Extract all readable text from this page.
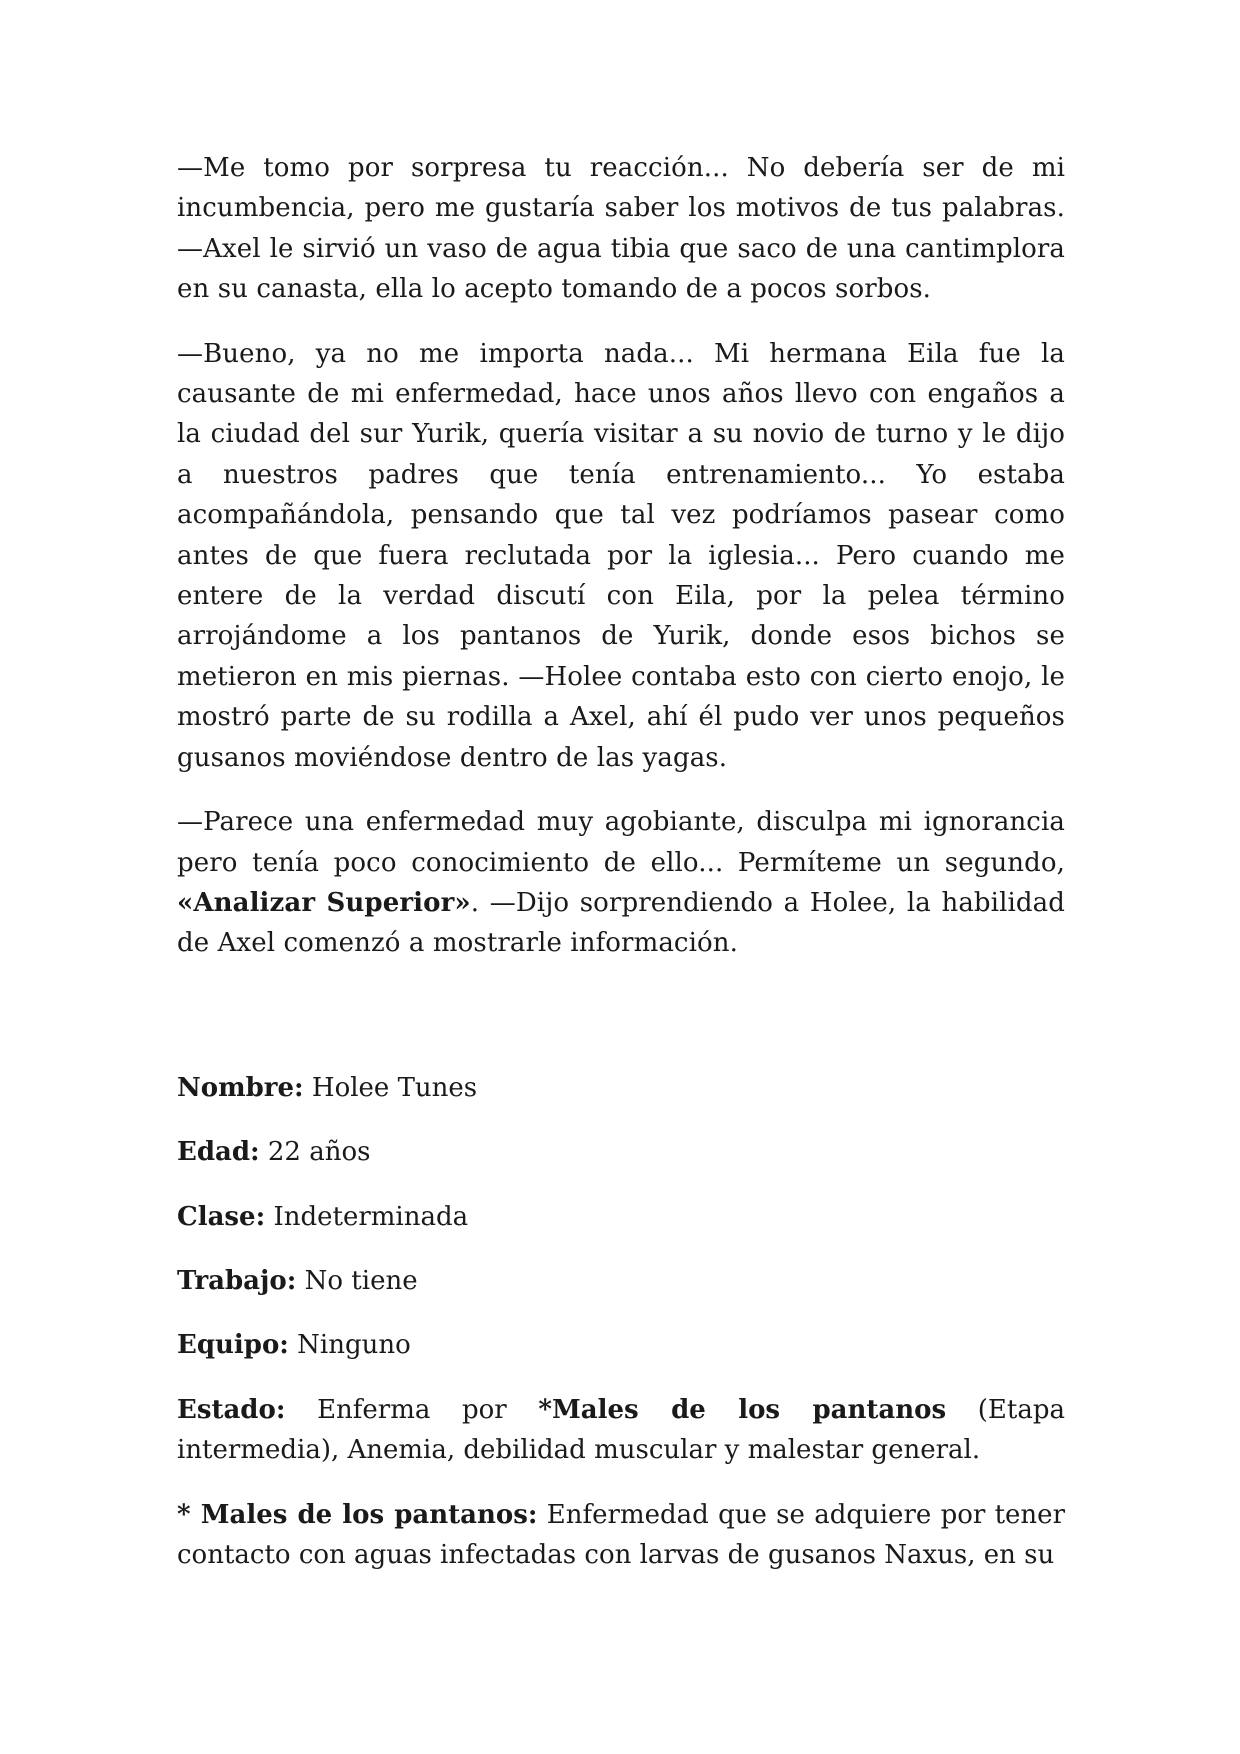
—Me tomo por sorpresa tu reacción... No debería ser de mi incumbencia, pero me gustaría saber los motivos de tus palabras. —Axel le sirvió un vaso de agua tibia que saco de una cantimplora en su canasta, ella lo acepto tomando de a pocos sorbos.

—Bueno, ya no me importa nada... Mi hermana Eila fue la causante de mi enfermedad, hace unos años llevo con engaños a la ciudad del sur Yurik, quería visitar a su novio de turno y le dijo a nuestros padres que tenía entrenamiento... Yo estaba acompañándola, pensando que tal vez podríamos pasear como antes de que fuera reclutada por la iglesia... Pero cuando me entere de la verdad discutí con Eila, por la pelea término arrojándome a los pantanos de Yurik, donde esos bichos se metieron en mis piernas. —Holee contaba esto con cierto enojo, le mostró parte de su rodilla a Axel, ahí él pudo ver unos pequeños gusanos moviéndose dentro de las yagas.

—Parece una enfermedad muy agobiante, disculpa mi ignorancia pero tenía poco conocimiento de ello... Permíteme un segundo, «Analizar Superior». —Dijo sorprendiendo a Holee, la habilidad de Axel comenzó a mostrarle información.

Nombre: Holee Tunes

Edad: 22 años

Clase: Indeterminada

Trabajo: No tiene

Equipo: Ninguno

Estado: Enferma por *Males de los pantanos (Etapa intermedia), Anemia, debilidad muscular y malestar general.

* Males de los pantanos: Enfermedad que se adquiere por tener contacto con aguas infectadas con larvas de gusanos Naxus, en su
